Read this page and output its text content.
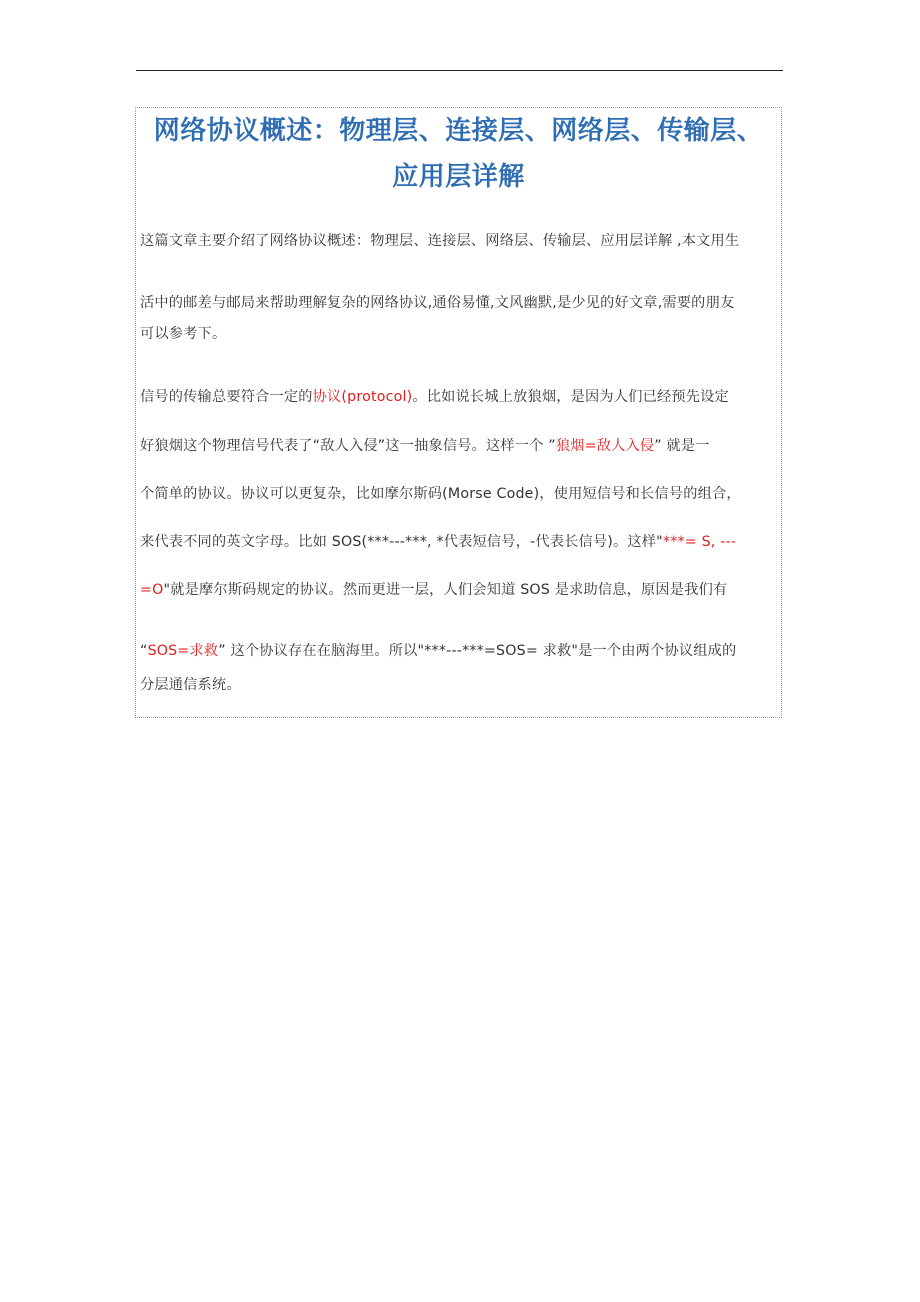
网络协议概述：物理层、连接层、网络层、传输层、
应用层详解
这篇文章主要介绍了网络协议概述：物理层、连接层、网络层、传输层、应用层详解 ,本文用生
活中的邮差与邮局来帮助理解复杂的网络协议,通俗易懂,文风幽默,是少见的好文章,需要的朋友
可以参考下。
信号的传输总要符合一定的协议(protocol)。比如说长城上放狼烟，是因为人们已经预先设定
好狼烟这个物理信号代表了“敌人入侵”这一抽象信号。这样一个 ”狼烟=敌人入侵” 就是一
个简单的协议。协议可以更复杂，比如摩尔斯码(Morse Code)，使用短信号和长信号的组合，
来代表不同的英文字母。比如 SOS(***---***, *代表短信号，-代表长信号)。这样"***= S, ---
=O"就是摩尔斯码规定的协议。然而更进一层，人们会知道 SOS 是求助信息，原因是我们有
“SOS=求救” 这个协议存在在脑海里。所以"***---***=SOS= 求救"是一个由两个协议组成的
分层通信系统。
